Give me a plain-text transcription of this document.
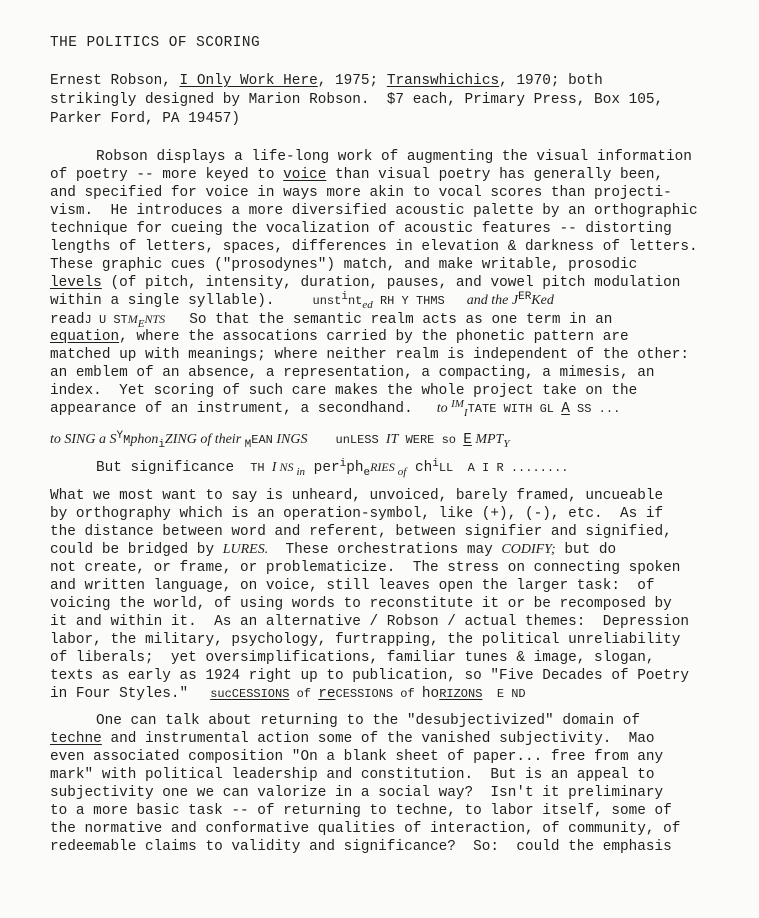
THE POLITICS OF SCORING
Ernest Robson, I Only Work Here, 1975; Transwhichics, 1970; both
strikingly designed by Marion Robson.  $7 each, Primary Press, Box 105,
Parker Ford, PA 19457)
Robson displays a life-long work of augmenting the visual information
of poetry -- more keyed to voice than visual poetry has generally been,
and specified for voice in ways more akin to vocal scores than projecti-
vism.  He introduces a more diversified acoustic palette by an orthographic
technique for cueing the vocalization of acoustic features -- distorting
lengths of letters, spaces, differences in elevation & darkness of letters.
These graphic cues ("prosodynes") match, and make writable, prosodic
levels (of pitch, intensity, duration, pauses, and vowel pitch modulation
within a single syllable).	$unst^int_{ed}$ RH Y THMS and the $J^{ER}Ked$
readJ U $STM_ENTS$ So that the semantic realm acts as one term in an
equation, where the assocations carried by the phonetic pattern are
matched up with meanings; where neither realm is independent of the other:
an emblem of an absence, a representation, a compacting, a mimesis, an
index.  Yet scoring of such care makes the whole project take on the
appearance of an instrument, a secondhand. to $^{IM}_I$TATE WITH GL A SS ...
to SING a $S^YMphon_iZING$ of their $_M$EAN INGS unLESS IT WERE so E $MPT_Y$
But significance TH I NS $_{in}$ $per^iph_eRIES$ $_{of}$ $ch^iLL$  A I R ........
What we most want to say is unheard, unvoiced, barely framed, uncueable
by orthography which is an operation-symbol, like (+), (-), etc.  As if
the distance between word and referent, between signifier and signified,
could be bridged by LURES.  These orchestrations may CODIFY; but do
not create, or frame, or problematicize.  The stress on connecting spoken
and written language, on voice, still leaves open the larger task:  of
voicing the world, of using words to reconstitute it or be recomposed by
it and within it.  As an alternative / Robson / actual themes:  Depression
labor, the military, psychology, furtrapping, the political unreliability
of liberals;  yet oversimplifications, familiar tunes & image, slogan,
texts as early as 1924 right up to publication, so "Five Decades of Poetry
in Four Styles." sucCESSIONS of reCESSIONS of hoRIZONS  E ND
One can talk about returning to the "desubjectivized" domain of
techne and instrumental action some of the vanished subjectivity.  Mao
even associated composition "On a blank sheet of paper... free from any
mark" with political leadership and constitution.  But is an appeal to
subjectivity one we can valorize in a social way?  Isn't it preliminary
to a more basic task -- of returning to techne, to labor itself, some of
the normative and conformative qualities of interaction, of community, of
redeemable claims to validity and significance?  So:  could the emphasis
